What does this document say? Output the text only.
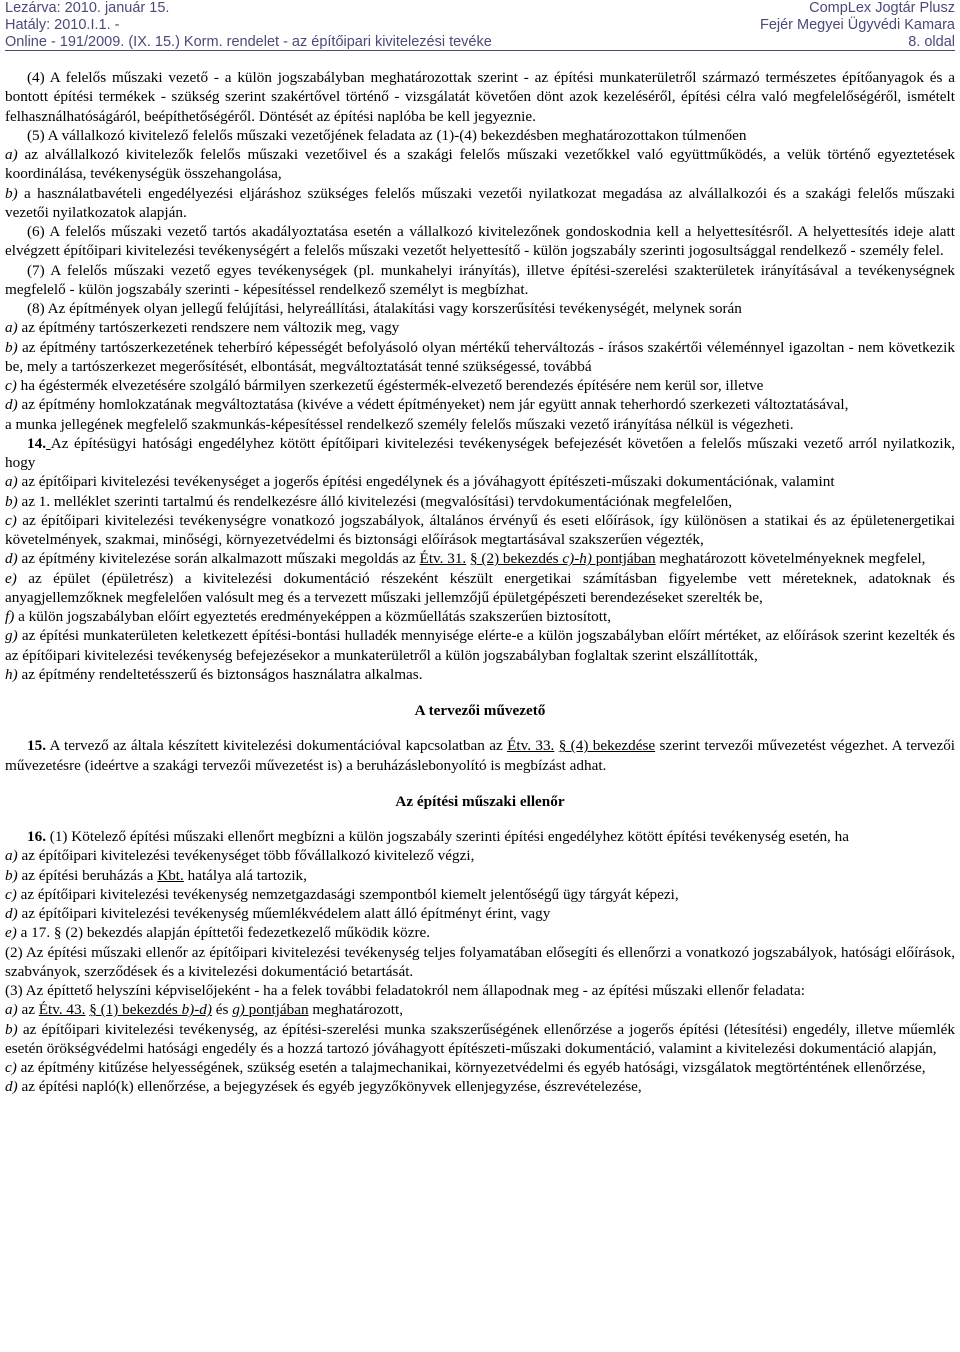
Lezárva: 2010. január 15.
Hatály: 2010.I.1. -
Online - 191/2009. (IX. 15.) Korm. rendelet - az építőipari kivitelezési tevéke
CompLex Jogtár Plusz
Fejér Megyei Ügyvédi Kamara
8. oldal

(4) A felelős műszaki vezető - a külön jogszabályban meghatározottak szerint - az építési munkaterületről származó természetes építőanyagok és a bontott építési termékek - szükség szerint szakértővel történő - vizsgálatát követően dönt azok kezeléséről, építési célra való megfelelőségéről, ismételt felhasználhatóságáról, beépíthetőségéről. Döntését az építési naplóba be kell jegyeznie.

(5) A vállalkozó kivitelező felelős műszaki vezetőjének feladata az (1)-(4) bekezdésben meghatározottakon túlmenően

a) az alvállalkozó kivitelezők felelős műszaki vezetőivel és a szakági felelős műszaki vezetőkkel való együttműködés, a velük történő egyeztetések koordinálása, tevékenységük összehangolása,

b) a használatbavételi engedélyezési eljáráshoz szükséges felelős műszaki vezetői nyilatkozat megadása az alvállalkozói és a szakági felelős műszaki vezetői nyilatkozatok alapján.

(6) A felelős műszaki vezető tartós akadályoztatása esetén a vállalkozó kivitelezőnek gondoskodnia kell a helyettesítésről. A helyettesítés ideje alatt elvégzett építőipari kivitelezési tevékenységért a felelős műszaki vezetőt helyettesítő - külön jogszabály szerinti jogosultsággal rendelkező - személy felel.

(7) A felelős műszaki vezető egyes tevékenységek (pl. munkahelyi irányítás), illetve építési-szerelési szakterületek irányításával a tevékenységnek megfelelő - külön jogszabály szerinti - képesítéssel rendelkező személyt is megbízhat.

(8) Az építmények olyan jellegű felújítási, helyreállítási, átalakítási vagy korszerűsítési tevékenységét, melynek során

a) az építmény tartószerkezeti rendszere nem változik meg, vagy

b) az építmény tartószerkezetének teherbíró képességét befolyásoló olyan mértékű teherváltozás - írásos szakértői véleménnyel igazoltan - nem következik be, mely a tartószerkezet megerősítését, elbontását, megváltoztatását tenné szükségessé, továbbá

c) ha égéstermék elvezetésére szolgáló bármilyen szerkezetű égéstermék-elvezető berendezés építésére nem kerül sor, illetve

d) az építmény homlokzatának megváltoztatása (kivéve a védett építményeket) nem jár együtt annak teherhordó szerkezeti változtatásával,

a munka jellegének megfelelő szakmunkás-képesítéssel rendelkező személy felelős műszaki vezető irányítása nélkül is végezheti.

14. Az építésügyi hatósági engedélyhez kötött építőipari kivitelezési tevékenységek befejezését követően a felelős műszaki vezető arról nyilatkozik, hogy

a) az építőipari kivitelezési tevékenységet a jogerős építési engedélynek és a jóváhagyott építészeti-műszaki dokumentációnak, valamint

b) az 1. melléklet szerinti tartalmú és rendelkezésre álló kivitelezési (megvalósítási) tervdokumentációnak megfelelően,

c) az építőipari kivitelezési tevékenységre vonatkozó jogszabályok, általános érvényű és eseti előírások, így különösen a statikai és az épületenergetikai követelmények, szakmai, minőségi, környezetvédelmi és biztonsági előírások megtartásával szakszerűen végezték,

d) az építmény kivitelezése során alkalmazott műszaki megoldás az Étv. 31. § (2) bekezdés c)-h) pontjában meghatározott követelményeknek megfelel,

e) az épület (épületrész) a kivitelezési dokumentáció részeként készült energetikai számításban figyelembe vett méreteknek, adatoknak és anyagjellemzőknek megfelelően valósult meg és a tervezett műszaki jellemzőjű épületgépészeti berendezéseket szerelték be,

f) a külön jogszabályban előírt egyeztetés eredményeképpen a közműellátás szakszerűen biztosított,

g) az építési munkaterületen keletkezett építési-bontási hulladék mennyisége elérte-e a külön jogszabályban előírt mértéket, az előírások szerint kezelték és az építőipari kivitelezési tevékenység befejezésekor a munkaterületről a külön jogszabályban foglaltak szerint elszállították,

h) az építmény rendeltetésszerű és biztonságos használatra alkalmas.

A tervezői művezető

15. A tervező az általa készített kivitelezési dokumentációval kapcsolatban az Étv. 33. § (4) bekezdése szerint tervezői művezetést végezhet. A tervezői művezetésre (ideértve a szakági tervezői művezetést is) a beruházáslebonyolító is megbízást adhat.

Az építési műszaki ellenőr

16. (1) Kötelező építési műszaki ellenőrt megbízni a külön jogszabály szerinti építési engedélyhez kötött építési tevékenység esetén, ha

a) az építőipari kivitelezési tevékenységet több fővállalkozó kivitelező végzi,

b) az építési beruházás a Kbt. hatálya alá tartozik,

c) az építőipari kivitelezési tevékenység nemzetgazdasági szempontból kiemelt jelentőségű ügy tárgyát képezi,

d) az építőipari kivitelezési tevékenység műemlékvédelem alatt álló építményt érint, vagy

e) a 17. § (2) bekezdés alapján építtetői fedezetkezelő működik közre.

(2) Az építési műszaki ellenőr az építőipari kivitelezési tevékenység teljes folyamatában elősegíti és ellenőrzi a vonatkozó jogszabályok, hatósági előírások, szabványok, szerződések és a kivitelezési dokumentáció betartását.

(3) Az építtető helyszíni képviselőjeként - ha a felek további feladatokról nem állapodnak meg - az építési műszaki ellenőr feladata:

a) az Étv. 43. § (1) bekezdés b)-d) és g) pontjában meghatározott,

b) az építőipari kivitelezési tevékenység, az építési-szerelési munka szakszerűségének ellenőrzése a jogerős építési (létesítési) engedély, illetve műemlék esetén örökségvédelmi hatósági engedély és a hozzá tartozó jóváhagyott építészeti-műszaki dokumentáció, valamint a kivitelezési dokumentáció alapján,

c) az építmény kitűzése helyességének, szükség esetén a talajmechanikai, környezetvédelmi és egyéb hatósági, vizsgálatok megtörténtének ellenőrzése,

d) az építési napló(k) ellenőrzése, a bejegyzések és egyéb jegyzőkönyvek ellenjegyzése, észrevételezése,
